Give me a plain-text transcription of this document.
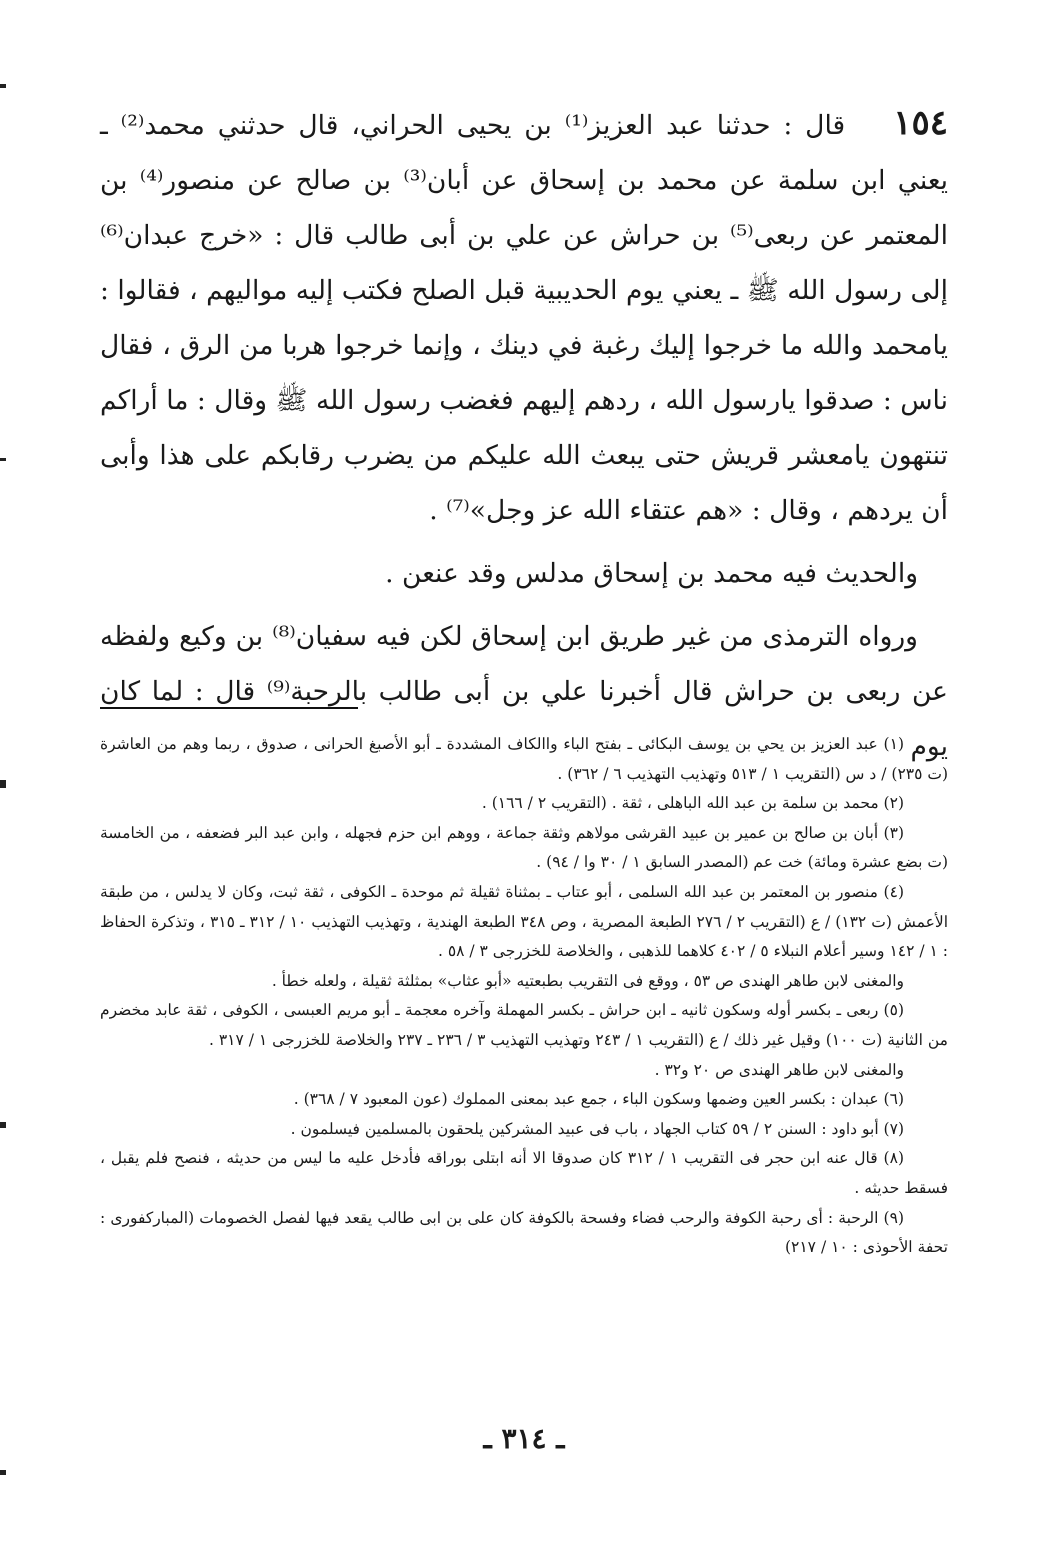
١٥٤قال : حدثنا عبد العزيز⁽¹⁾ بن يحيى الحراني، قال حدثني محمد⁽²⁾ ـ يعني ابن سلمة عن محمد بن إسحاق عن أبان⁽³⁾ بن صالح عن منصور⁽⁴⁾ بن المعتمر عن ربعى⁽⁵⁾ بن حراش عن علي بن أبى طالب قال : «خرج عبدان⁽⁶⁾ إلى رسول الله ﷺ ـ يعني يوم الحديبية قبل الصلح فكتب إليه مواليهم ، فقالوا : يامحمد والله ما خرجوا إليك رغبة في دينك ، وإنما خرجوا هربا من الرق ، فقال ناس : صدقوا يارسول الله ، ردهم إليهم فغضب رسول الله ﷺ وقال : ما أراكم تنتهون يامعشر قريش حتى يبعث الله عليكم من يضرب رقابكم على هذا وأبى أن يردهم ، وقال : «هم عتقاء الله عز وجل»⁽⁷⁾ .

والحديث فيه محمد بن إسحاق مدلس وقد عنعن .

ورواه الترمذى من غير طريق ابن إسحاق لكن فيه سفيان⁽⁸⁾ بن وكيع ولفظه عن ربعى بن حراش قال أخبرنا علي بن أبى طالب بالرحبة⁽⁹⁾ قال : لما كان يوم

(١) عبد العزيز بن يحي بن يوسف البكائى ـ بفتح الباء واالكاف المشددة ـ أبو الأصبغ الحرانى ، صدوق ، ربما وهم من العاشرة (ت ٢٣٥) / د س (التقريب ١ / ٥١٣ وتهذيب التهذيب ٦ / ٣٦٢) .

(٢) محمد بن سلمة بن عبد الله الباهلى ، ثقة . (التقريب ٢ / ١٦٦) .

(٣) أبان بن صالح بن عمير بن عبيد القرشى مولاهم وثقة جماعة ، ووهم ابن حزم فجهله ، وابن عبد البر فضعفه ، من الخامسة (ت بضع عشرة ومائة) خت عم (المصدر السابق ١ / ٣٠ وا / ٩٤) .

(٤) منصور بن المعتمر بن عبد الله السلمى ، أبو عتاب ـ بمثناة ثقيلة ثم موحدة ـ الكوفى ، ثقة ثبت، وكان لا يدلس ، من طبقة الأعمش (ت ١٣٢) / ع (التقريب ٢ / ٢٧٦ الطبعة المصرية ، وص ٣٤٨ الطبعة الهندية ، وتهذيب التهذيب ١٠ / ٣١٢ ـ ٣١٥ ، وتذكرة الحفاظ : ١ / ١٤٢ وسير أعلام النبلاء ٥ / ٤٠٢ كلاهما للذهبى ، والخلاصة للخزرجى ٣ / ٥٨ .

والمغنى لابن طاهر الهندى ص ٥٣ ، ووقع فى التقريب بطبعتيه «أبو عثاب» بمثلثة ثقيلة ، ولعله خطأ .

(٥) ربعى ـ بكسر أوله وسكون ثانيه ـ ابن حراش ـ بكسر المهملة وآخره معجمة ـ أبو مريم العبسى ، الكوفى ، ثقة عابد مخضرم من الثانية (ت ١٠٠) وقيل غير ذلك / ع (التقريب ١ / ٢٤٣ وتهذيب التهذيب ٣ / ٢٣٦ ـ ٢٣٧ والخلاصة للخزرجى ١ / ٣١٧ .

والمغنى لابن طاهر الهندى ص ٢٠ و٣٢ .

(٦) عبدان : بكسر العين وضمها وسكون الباء ، جمع عبد بمعنى المملوك (عون المعبود ٧ / ٣٦٨) .

(٧) أبو داود : السنن ٢ / ٥٩ كتاب الجهاد ، باب فى عبيد المشركين يلحقون بالمسلمين فيسلمون .

(٨) قال عنه ابن حجر فى التقريب ١ / ٣١٢ كان صدوقا الا أنه ابتلى بوراقه فأدخل عليه ما ليس من حديثه ، فنصح فلم يقبل ، فسقط حديثه .

(٩) الرحبة : أى رحبة الكوفة والرحب فضاء وفسحة بالكوفة كان على بن ابى طالب يقعد فيها لفصل الخصومات (المباركفورى : تحفة الأحوذى : ١٠ / ٢١٧)

ـ ٣١٤ ـ
